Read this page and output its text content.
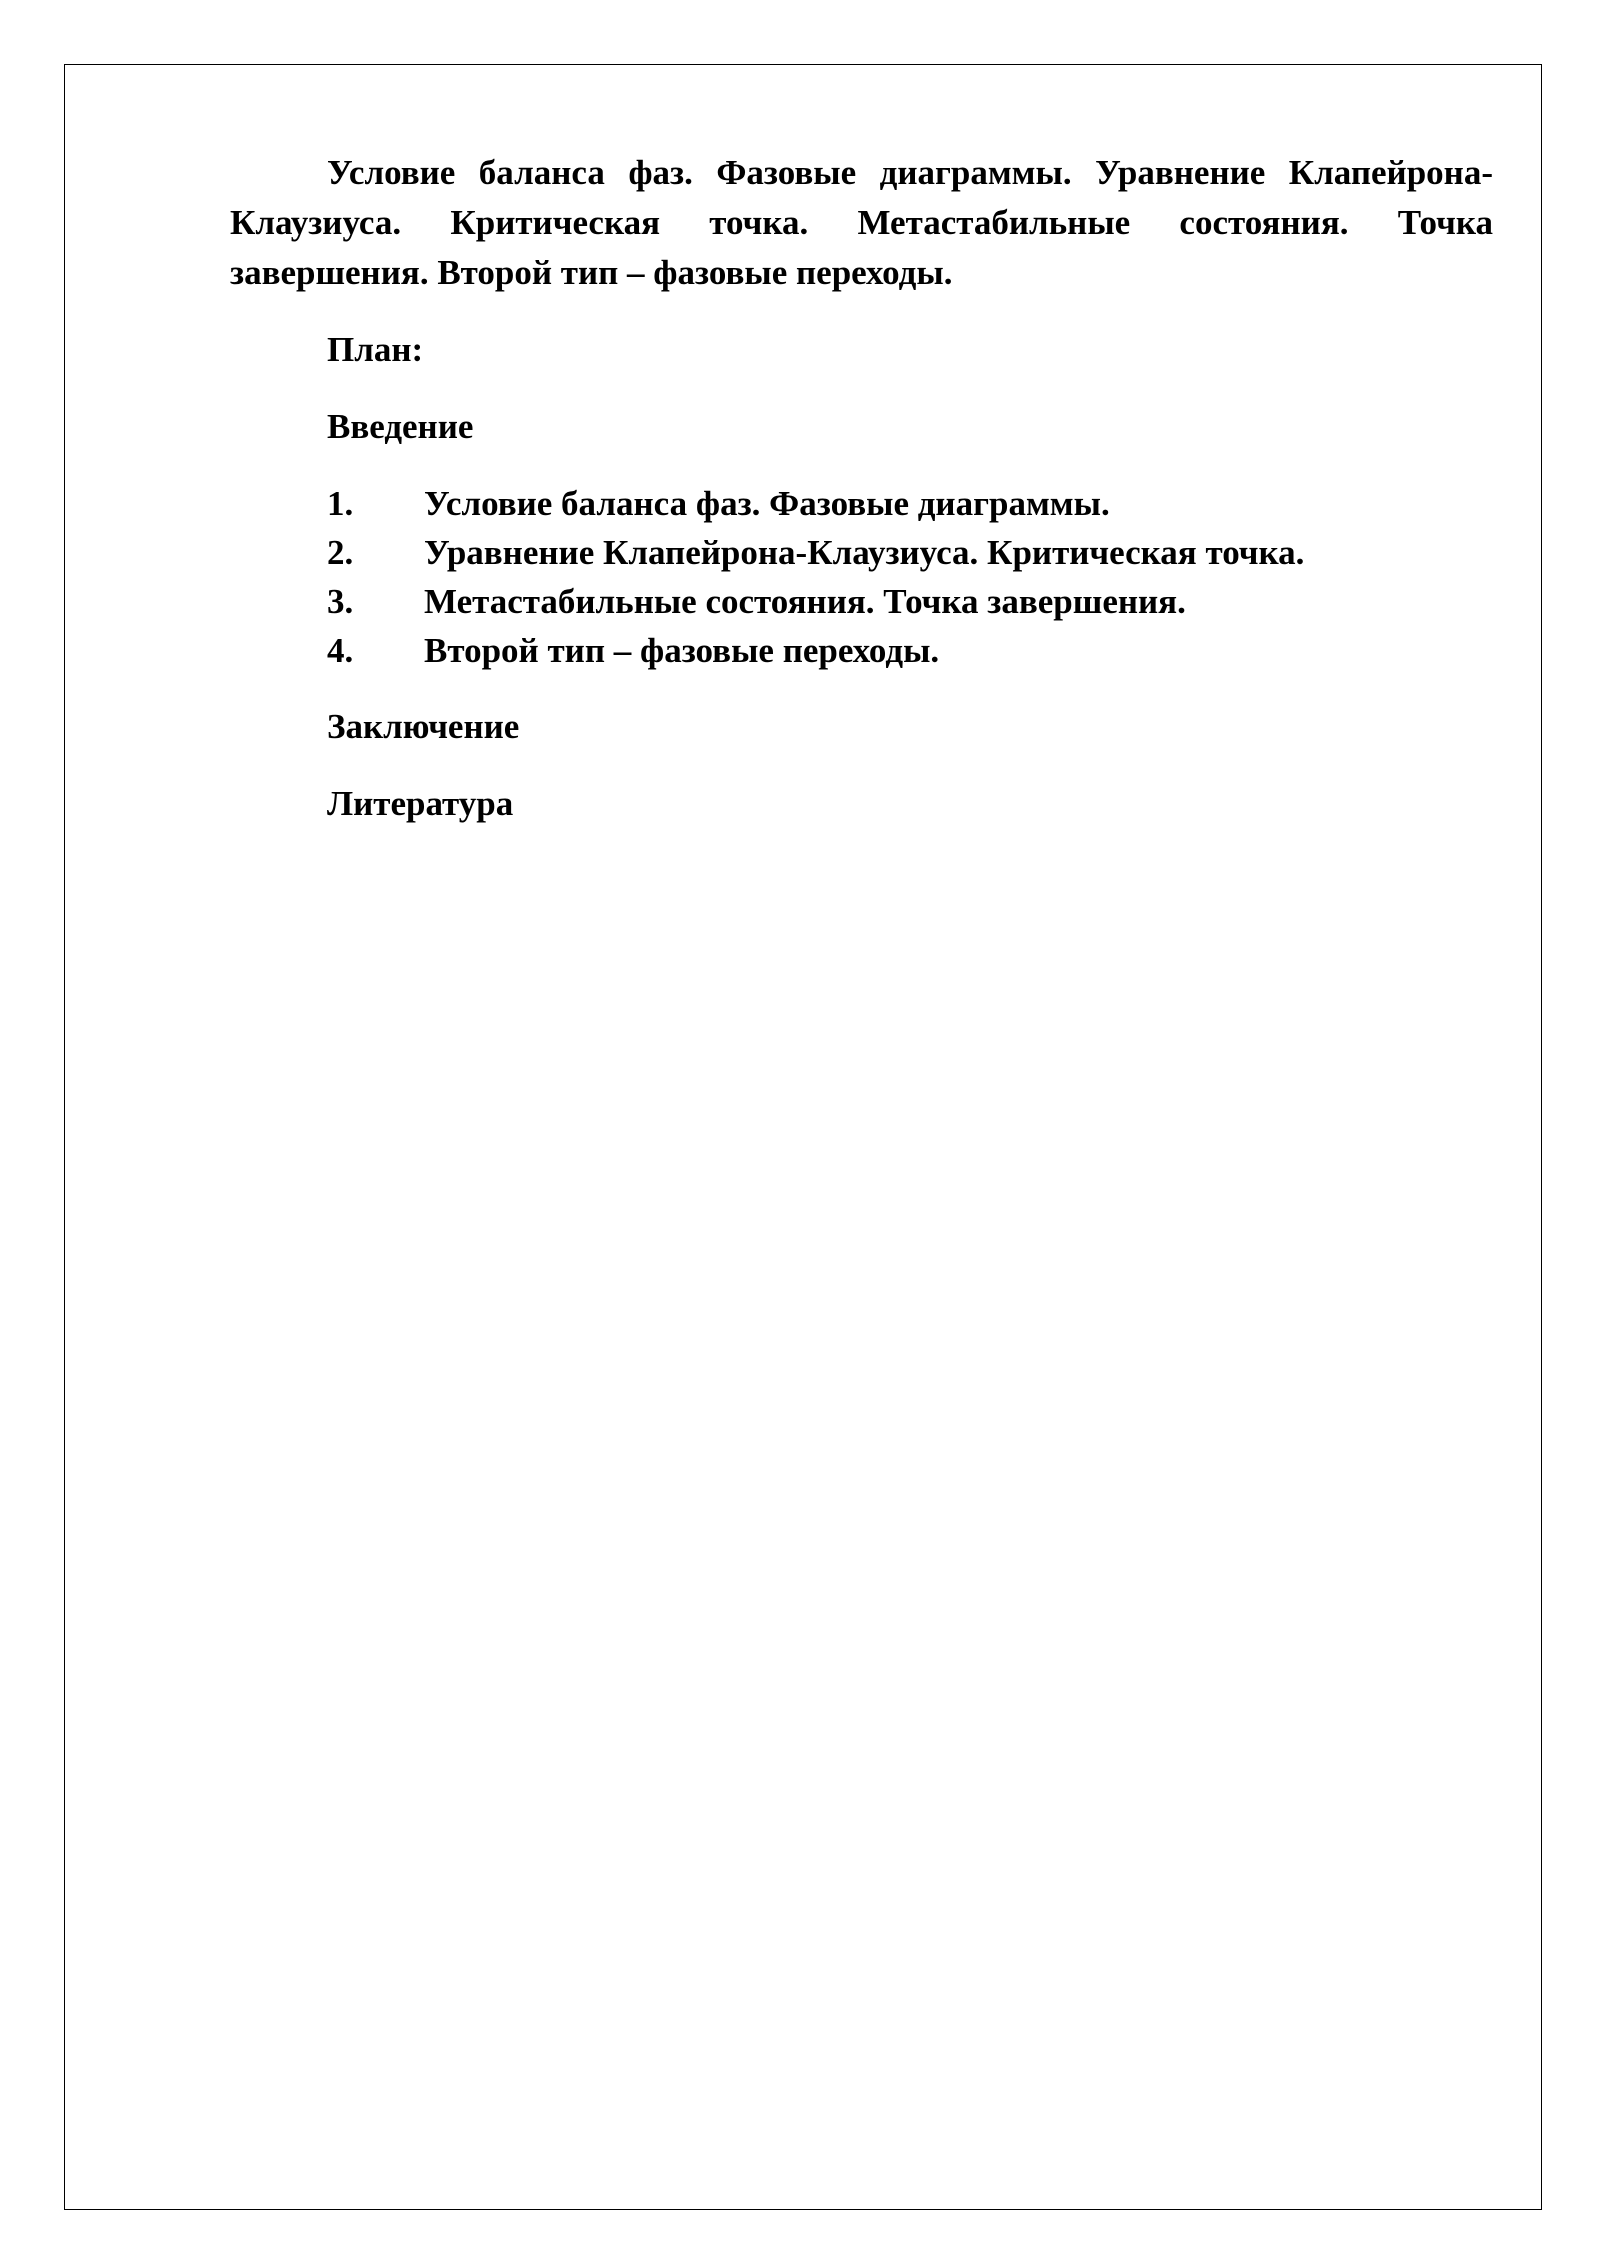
Условие баланса фаз. Фазовые диаграммы. Уравнение Клапейрона-Клаузиуса. Критическая точка. Метастабильные состояния. Точка завершения. Второй тип – фазовые переходы.

План:

Введение

1.	Условие баланса фаз. Фазовые диаграммы.
2.	Уравнение Клапейрона-Клаузиуса. Критическая точка.
3.	Метастабильные состояния. Точка завершения.
4.	Второй тип – фазовые переходы.

Заключение

Литература
